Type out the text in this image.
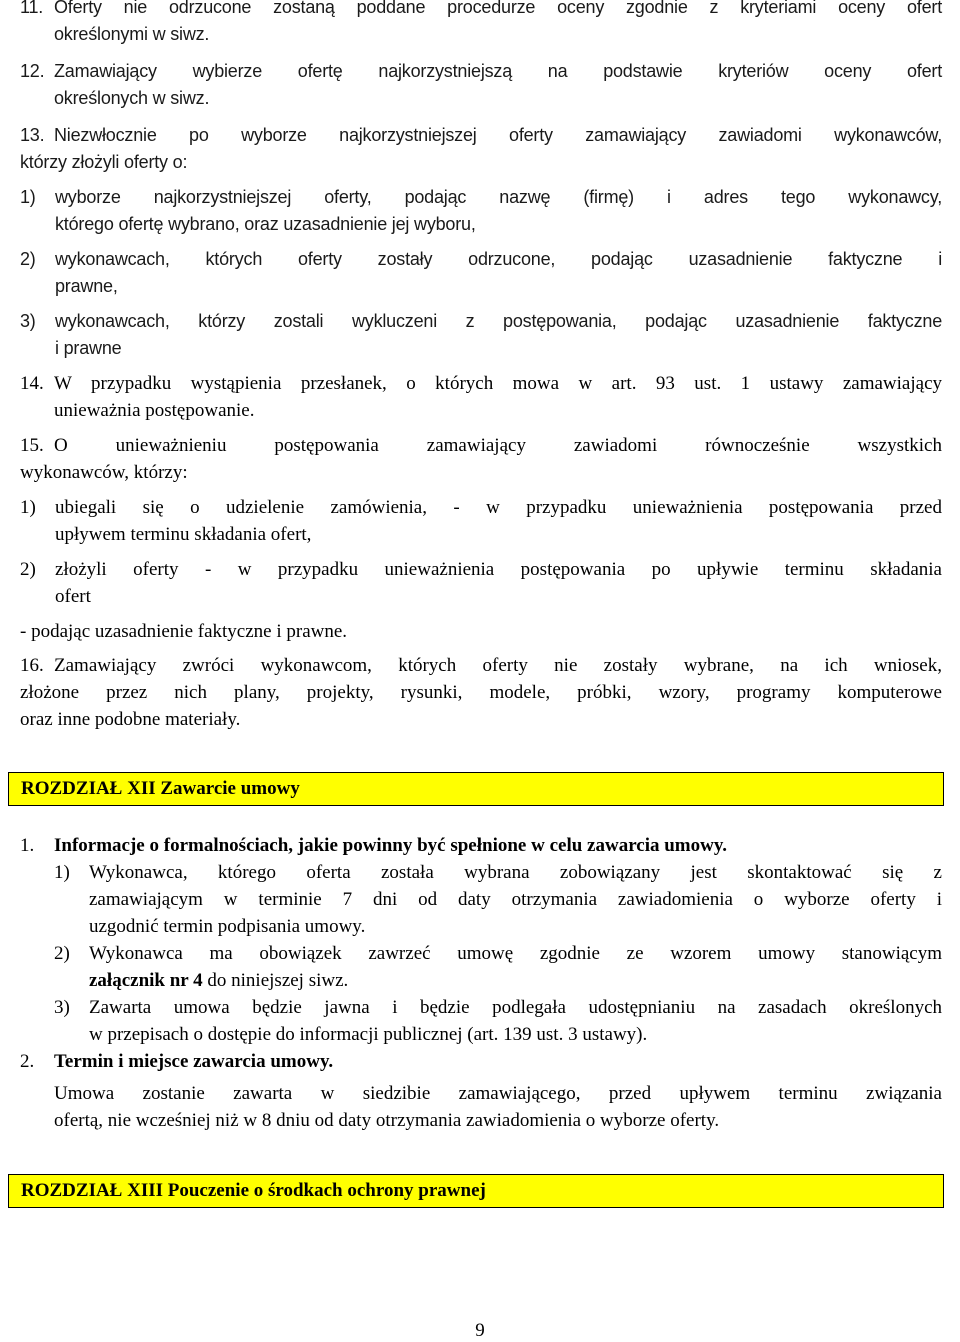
11. Oferty nie odrzucone zostaną poddane procedurze oceny zgodnie z kryteriami oceny ofert
określonymi w siwz.
12. Zamawiający wybierze ofertę najkorzystniejszą na podstawie kryteriów oceny ofert
określonych w siwz.
13. Niezwłocznie po wyborze najkorzystniejszej oferty zamawiający zawiadomi wykonawców,
którzy złożyli oferty o:
1) wyborze najkorzystniejszej oferty, podając nazwę (firmę) i adres tego wykonawcy,
którego ofertę wybrano, oraz uzasadnienie jej wyboru,
2) wykonawcach, których oferty zostały odrzucone, podając uzasadnienie faktyczne i
prawne,
3) wykonawcach, którzy zostali wykluczeni z postępowania, podając uzasadnienie faktyczne
i prawne
14. W przypadku wystąpienia przesłanek, o których mowa w art. 93 ust. 1 ustawy zamawiający
unieważnia postępowanie.
15. O unieważnieniu postępowania zamawiający zawiadomi równocześnie wszystkich
wykonawców, którzy:
1) ubiegali się o udzielenie zamówienia, - w przypadku unieważnienia postępowania przed
upływem terminu składania ofert,
2) złożyli oferty - w przypadku unieważnienia postępowania po upływie terminu składania
ofert
- podając uzasadnienie faktyczne i prawne.
16. Zamawiający zwróci wykonawcom, których oferty nie zostały wybrane, na ich wniosek,
złożone przez nich plany, projekty, rysunki, modele, próbki, wzory, programy komputerowe
oraz inne podobne materiały.
ROZDZIAŁ XII Zawarcie umowy
1. Informacje o formalnościach, jakie powinny być spełnione w celu zawarcia umowy.
1) Wykonawca, którego oferta została wybrana zobowiązany jest skontaktować się z
zamawiającym w terminie 7 dni od daty otrzymania zawiadomienia o wyborze oferty i
uzgodnić termin podpisania umowy.
2) Wykonawca ma obowiązek zawrzeć umowę zgodnie ze wzorem umowy stanowiącym
załącznik nr 4 do niniejszej siwz.
3) Zawarta umowa będzie jawna i będzie podlegała udostępnianiu na zasadach określonych
w przepisach o dostępie do informacji publicznej (art. 139 ust. 3 ustawy).
2. Termin i miejsce zawarcia umowy.
Umowa zostanie zawarta w siedzibie zamawiającego, przed upływem terminu związania
ofertą, nie wcześniej niż w 8 dniu od daty otrzymania zawiadomienia o wyborze oferty.
ROZDZIAŁ XIII Pouczenie o środkach ochrony prawnej
9
